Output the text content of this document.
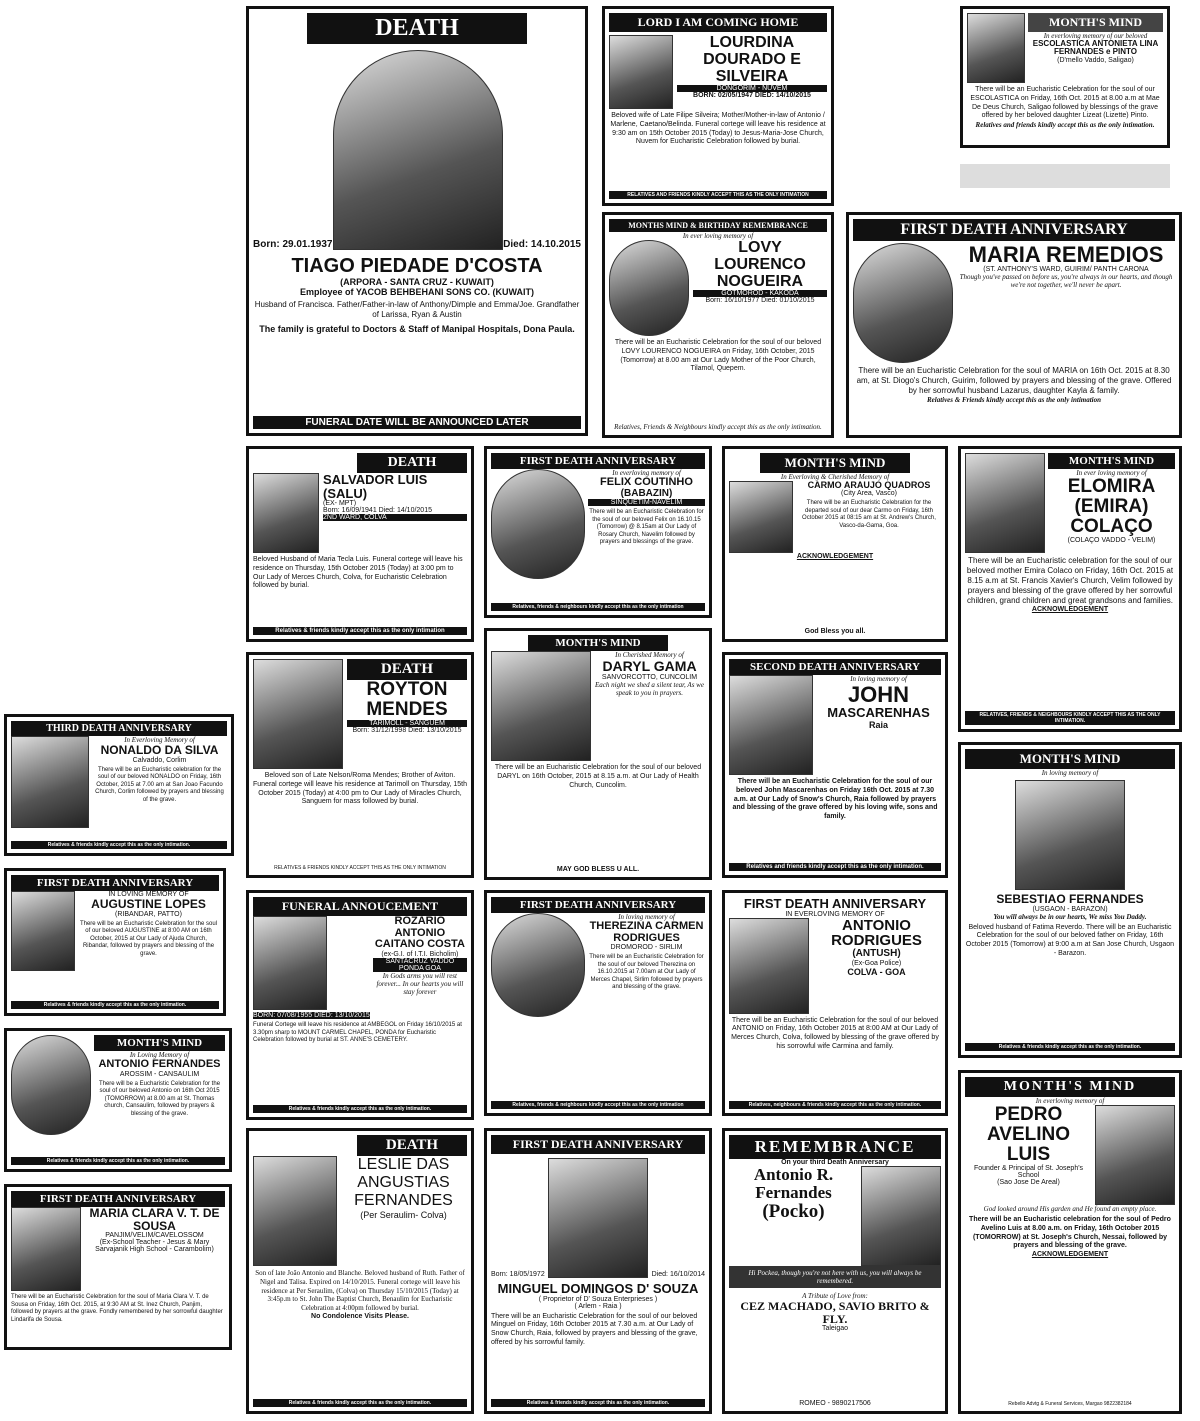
DEATH
Born: 29.01.1937	Died: 14.10.2015
TIAGO PIEDADE D'COSTA
(ARPORA - SANTA CRUZ - KUWAIT)
Employee of YACOB BEHBEHANI SONS CO. (KUWAIT)
Husband of Francisca. Father/Father-in-law of Anthony/Dimple and Emma/Joe. Grandfather of Larissa, Ryan & Austin
The family is grateful to Doctors & Staff of Manipal Hospitals, Dona Paula.
FUNERAL DATE WILL BE ANNOUNCED LATER
LORD I AM COMING HOME
LOURDINA DOURADO E SILVEIRA
DONGORIM - NUVEM
BORN: 02/05/1947 DIED: 14/10/2015
Beloved wife of Late Filipe Silveira; Mother/Mother-in-law of Antonio / Marlene, Caetano/Belinda. Funeral cortege will leave his residence at 9:30 am on 15th October 2015 (Today) to Jesus-Maria-Jose Church, Nuvem for Eucharistic Celebration followed by burial.
RELATIVES AND FRIENDS KINDLY ACCEPT THIS AS THE ONLY INTIMATION
MONTH'S MIND
In everloving memory of our beloved
ESCOLASTICA ANTONIETA LINA FERNANDES e PINTO
(D'mello Vaddo, Saligao)
There will be an Eucharistic Celebration for the soul of our ESCOLASTICA on Friday, 16th Oct. 2015 at 8.00 a.m at Mae De Deus Church, Saligao followed by blessings of the grave offered by her beloved daughter Lizeat (Lizette) Pinto.
Relatives and friends kindly accept this as the only intimation.
MONTHS MIND & BIRTHDAY REMEMBRANCE
In ever loving memory of
LOVY LOURENCO NOGUEIRA
GOTMOROD - KAKODA
Born: 16/10/1977 Died: 01/10/2015
There will be an Eucharistic Celebration for the soul of our beloved LOVY LOURENCO NOGUEIRA on Friday, 16th October, 2015 (Tomorrow) at 8.00 am at Our Lady Mother of the Poor Church, Tilamol, Quepem.
Relatives, Friends & Neighbours kindly accept this as the only intimation.
FIRST DEATH ANNIVERSARY
MARIA REMEDIOS
(ST. ANTHONY'S WARD, GUIRIM/ PANTH CARONA
Though you've passed on before us, you're always in our hearts, and though we're not together, we'll never be apart.
There will be an Eucharistic Celebration for the soul of MARIA on 16th Oct. 2015 at 8.30 am, at St. Diogo's Church, Guirim, followed by prayers and blessing of the grave. Offered by her sorrowful husband Lazarus, daughter Kayla & family.
Relatives & Friends kindly accept this as the only intimation
DEATH
SALVADOR LUIS
(SALU)
(EX- MPT)
Born: 16/09/1941 Died: 14/10/2015
2ND WARD, COLVA
Beloved Husband of Maria Tecla Luis. Funeral cortege will leave his residence on Thursday, 15th October 2015 (Today) at 3:00 pm to Our Lady of Merces Church, Colva, for Eucharistic Celebration followed by burial.
Relatives & friends kindly accept this as the only intimation
FIRST DEATH ANNIVERSARY
In everloving memory of
FELIX COUTINHO
(BABAZIN)
SINQUETIM-NAVELIM
There will be an Eucharistic Celebration for the soul of our beloved Felix on 16.10.15 (Tomorrow) @ 8.15am at Our Lady of Rosary Church, Navelim followed by prayers and blessings of the grave.
Relatives, friends & neighbours kindly accept this as the only intimation
MONTH'S MIND
In Everloving & Cherished Memory of
CARMO ARAUJO QUADROS
(City Area, Vasco)
There will be an Eucharistic Celebration for the departed soul of our dear Carmo on Friday, 16th October 2015 at 08:15 am at St. Andrew's Church, Vasco-da-Gama, Goa.
ACKNOWLEDGEMENT
God Bless you all.
MONTH'S MIND
In ever loving memory of
ELOMIRA (EMIRA) COLAÇO
(COLAÇO VADDO - VELIM)
There will be an Eucharistic celebration for the soul of our beloved mother Emira Colaco on Friday, 16th Oct. 2015 at 8.15 a.m at St. Francis Xavier's Church, Velim followed by prayers and blessing of the grave offered by her sorrowful children, grand children and great grandsons and families.
ACKNOWLEDGEMENT
RELATIVES, FRIENDS & NEIGHBOURS KINDLY ACCEPT THIS AS THE ONLY INTIMATION.
DEATH
ROYTON MENDES
TARIMOLL - SANGUEM
Born: 31/12/1998 Died: 13/10/2015
Beloved son of Late Nelson/Roma Mendes; Brother of Aviton. Funeral cortege will leave his residence at Tarimoll on Thursday, 15th October 2015 (Today) at 4:00 pm to Our Lady of Miracles Church, Sanguem for mass followed by burial.
RELATIVES & FRIENDS KINDLY ACCEPT THIS AS THE ONLY INTIMATION
MONTH'S MIND
In Cherished Memory of
DARYL GAMA
SANVORCOTTO, CUNCOLIM
Each night we shed a silent tear, As we speak to you in prayers.
There will be an Eucharistic Celebration for the soul of our beloved DARYL on 16th October, 2015 at 8.15 a.m. at Our Lady of Health Church, Cuncolim.
MAY GOD BLESS U ALL.
SECOND DEATH ANNIVERSARY
In loving memory of
JOHN
MASCARENHAS
Raia
There will be an Eucharistic Celebration for the soul of our beloved John Mascarenhas on Friday 16th Oct. 2015 at 7.30 a.m. at Our Lady of Snow's Church, Raia followed by prayers and blessing of the grave offered by his loving wife, sons and family.
Relatives and friends kindly accept this as the only intimation.
THIRD DEATH ANNIVERSARY
In Everloving Memory of
NONALDO DA SILVA
Calvaddo, Corlim
There will be an Eucharistic celebration for the soul of our beloved NONALDO on Friday, 16th October, 2015 at 7.00 am at San Joao Facundo Church, Corlim followed by prayers and blessing of the grave.
Relatives & friends kindly accept this as the only intimation.
MONTH'S MIND
In loving memory of
SEBESTIAO FERNANDES
(USGAON - BARAZON)
You will always be in our hearts, We miss You Daddy.
Beloved husband of Fatima Reverdo. There will be an Eucharistic Celebration for the soul of our beloved father on Friday, 16th October 2015 (Tomorrow) at 9:00 a.m at San Jose Church, Usgaon - Barazon.
Relatives & friends kindly accept this as the only intimation.
FIRST DEATH ANNIVERSARY
IN LOVING MEMORY OF
AUGUSTINE LOPES
(RIBANDAR, PATTO)
There will be an Eucharistic Celebration for the soul of our beloved AUGUSTINE at 8:00 AM on 16th October, 2015 at Our Lady of Ajuda Church, Ribandar, followed by prayers and blessing of the grave.
Relatives & friends kindly accept this as the only intimation.
FUNERAL ANNOUCEMENT
BORN: 07/08/1955 DIED: 13/10/2015
ROZARIO ANTONIO CAITANO COSTA
(ex-G.I. of I.T.I. Bicholim)
SANTACRUZ VADDO PONDA GOA
In Gods arms you will rest forever... In our hearts you will stay forever
Funeral Cortege will leave his residence at AMBEGOL on Friday 16/10/2015 at 3.30pm sharp to MOUNT CARMEL CHAPEL, PONDA for Eucharistic Celebration followed by burial at ST. ANNE'S CEMETERY.
Relatives & friends kindly accept this as the only intimation.
FIRST DEATH ANNIVERSARY
In loving memory of
THEREZINA CARMEN RODRIGUES
DROMOROD - SIRLIM
There will be an Eucharistic Celebration for the soul of our beloved Therezina on 16.10.2015 at 7.00am at Our Lady of Merces Chapel, Sirlim followed by prayers and blessing of the grave.
Relatives, friends & neighbours kindly accept this as the only intimation
FIRST DEATH ANNIVERSARY
IN EVERLOVING MEMORY OF
ANTONIO RODRIGUES
(ANTUSH)
(Ex-Goa Police)
COLVA - GOA
There will be an Eucharistic Celebration for the soul of our beloved ANTONIO on Friday, 16th October 2015 at 8:00 AM at Our Lady of Merces Church, Colva, followed by blessing of the grave offered by his sorrowful wife Carmina and family.
Relatives, neighbours & friends kindly accept this as the only intimation.
MONTH'S MIND
In Loving Memory of
ANTONIO FERNANDES
AROSSIM - CANSAULIM
There will be a Eucharistic Celebration for the soul of our beloved Antonio on 16th Oct 2015 (TOMORROW) at 8.00 am at St. Thomas church, Cansaulim, followed by prayers & blessing of the grave.
Relatives & friends kindly accept this as the only intimation.
DEATH
LESLIE DAS ANGUSTIAS FERNANDES
(Per Seraulim- Colva)
Son of late João Antonio and Blanche. Beloved husband of Ruth. Father of Nigel and Talisa. Expired on 14/10/2015. Funeral cortege will leave his residence at Per Seraulim, (Colva) on Thursday 15/10/2015 (Today) at 3:45p.m to St. John The Baptist Church, Benaulim for Eucharistic Celebration at 4:00pm followed by burial.
No Condolence Visits Please.
Relatives & friends kindly accept this as the only intimation.
FIRST DEATH ANNIVERSARY
Born: 18/05/1972	Died: 16/10/2014
MINGUEL DOMINGOS D' SOUZA
( Proprietor of D' Souza Enterprieses )
( Arlem - Raia )
There will be an Eucharistic Celebration for the soul of our beloved Minguel on Friday, 16th October 2015 at 7.30 a.m. at Our Lady of Snow Church, Raia, followed by prayers and blessing of the grave, offered by his sorrowful family.
Relatives & friends kindly accept this as the only intimation.
REMEMBRANCE
On your third Death Anniversary
Antonio R. Fernandes
(Pocko)
Hi Pockea, though you're not here with us, you will always be remembered.
A Tribute of Love from:
CEZ MACHADO, SAVIO BRITO & FLY.
Taleigao
ROMEO - 9890217506
FIRST DEATH ANNIVERSARY
MARIA CLARA V. T. DE SOUSA
PANJIM/VELIM/CAVELOSSOM
(Ex-School Teacher - Jesus & Mary Sarvajanik High School - Carambolim)
There will be an Eucharistic Celebration for the soul of Maria Clara V. T. de Sousa on Friday, 16th Oct. 2015, at 9:30 AM at St. Inez Church, Panjim, followed by prayers at the grave. Fondly remembered by her sorrowful daughter Lindarifa de Sousa.
MONTH'S MIND
In everloving memory of
PEDRO AVELINO LUIS
Founder & Principal of St. Joseph's School
(Sao Jose De Areal)
God looked around His garden and He found an empty place.
There will be an Eucharistic celebration for the soul of Pedro Avelino Luis at 8.00 a.m. on Friday, 16th October 2015 (TOMORROW) at St. Joseph's Church, Nessai, followed by prayers and blessing of the grave.
ACKNOWLEDGEMENT
Rebello Advtg & Funeral Services, Margao 9822382184
